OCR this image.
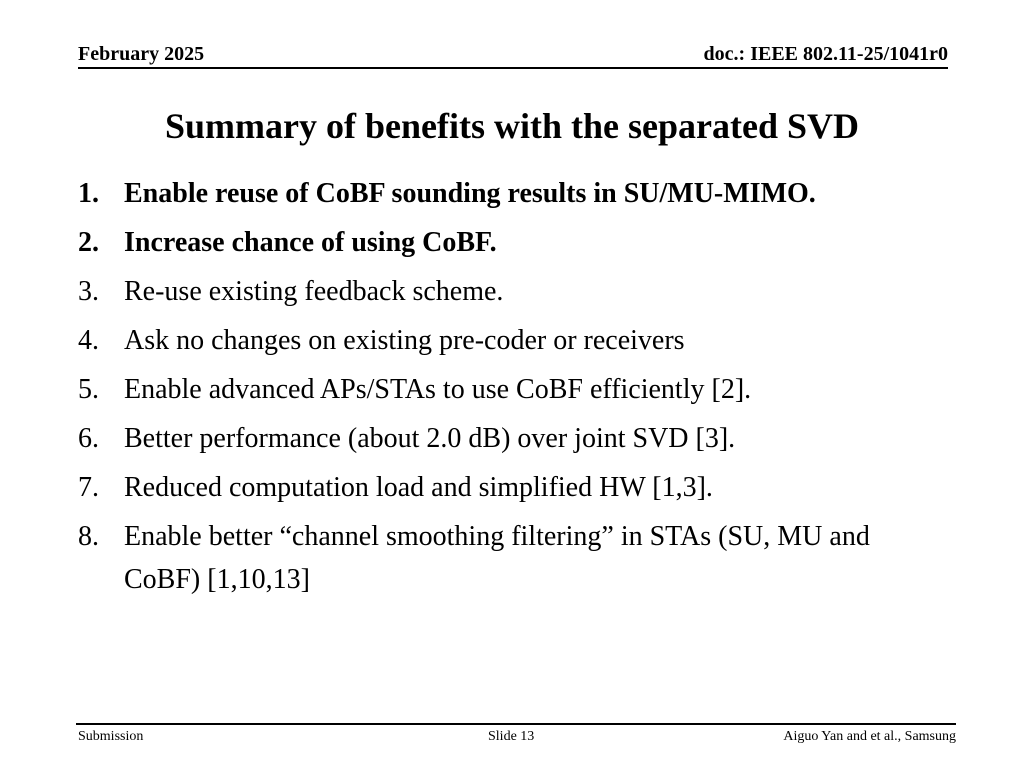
February 2025	doc.: IEEE 802.11-25/1041r0
Summary of benefits with the separated SVD
1. Enable reuse of CoBF sounding results in SU/MU-MIMO.
2. Increase chance of using CoBF.
3. Re-use existing feedback scheme.
4. Ask no changes on existing pre-coder or receivers
5. Enable advanced APs/STAs to use CoBF efficiently [2].
6. Better performance (about 2.0 dB) over joint SVD [3].
7. Reduced computation load and simplified HW [1,3].
8. Enable better “channel smoothing filtering” in STAs (SU, MU and CoBF) [1,10,13]
Submission	Slide 13	Aiguo Yan and et al., Samsung
